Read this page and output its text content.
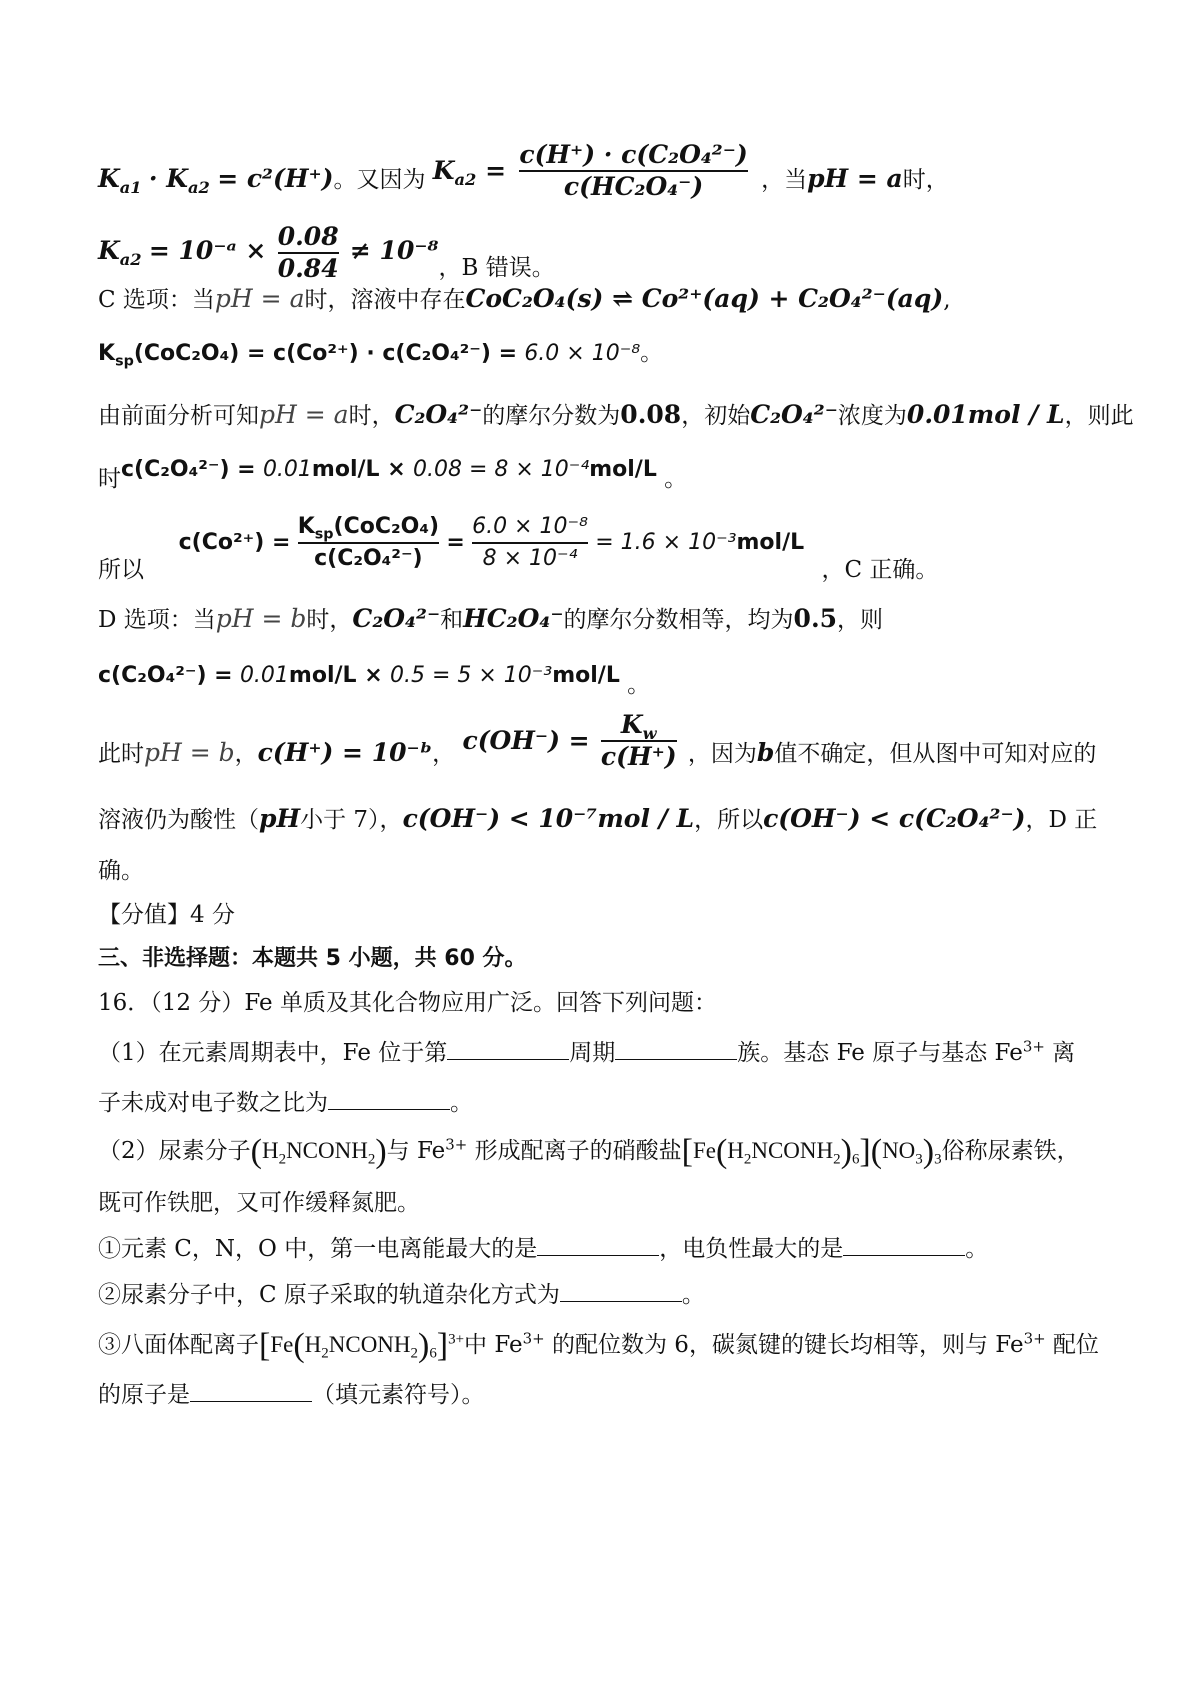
$K_{a1} \cdot K_{a2} = c^2(H^+)$。又因为 $K_{a2} = \frac{\text{c(H⁺) · c(C₂O₄²⁻)}}{\text{c(HC₂O₄⁻)}}$ ，当pH = a时，
$K_{a2}$ = 10⁻ᵃ × $\frac{0.08}{0.84} \ne 10^{-8}$，B 错误。
C 选项：当pH = a时，溶液中存在CoC₂O₄(s) ⇌ Co²⁺(aq) + C₂O₄²⁻(aq),
$K_{sp}(CoC_2O_4) = c(Co^{2+}) \cdot c(C_2O_4^{2-}) = 6.0 \times 10^{-8}$。
由前面分析可知pH = a时，C₂O₄²⁻的摩尔分数为0.08，初始C₂O₄²⁻浓度为0.01mol / L，则此
时c(C₂O₄²⁻) = 0.01mol/L × 0.08 = 8 × 10⁻⁴mol/L 。
所以  $c(Co^{2+}) = \frac{K_{sp}(CoC_2O_4)}{\text{c(C₂O₄²⁻)}} = \frac{\text{6.0 × 10⁻⁸}}{\text{8 × 10⁻⁴}} = 1.6 \times 10^{-3}mol/L$ ，C 正确。
D 选项：当pH = b时，C₂O₄²⁻和HC₂O₄⁻的摩尔分数相等，均为0.5，则
c(C₂O₄²⁻) = 0.01mol/L × 0.5 = 5 × 10⁻³mol/L 。
此时pH = b，c(H⁺) = 10⁻ᵇ， $c(OH^-) = \frac{K_w}{c(H^+)}$ ，因为b值不确定，但从图中可知对应的
溶液仍为酸性（pH小于 7），c(OH⁻) < 10⁻⁷mol / L，所以c(OH⁻) < c(C₂O₄²⁻)，D 正
确。
【分值】4 分
三、非选择题：本题共 5 小题，共 60 分。
16．（12 分）Fe 单质及其化合物应用广泛。回答下列问题：
（1）在元素周期表中，Fe 位于第	周期	族。基态 Fe 原子与基态 $Fe^{3+}$ 离
子未成对电子数之比为	。
（2）尿素分子$(H_2NCONH_2)$与 $Fe^{3+}$ 形成配离子的硝酸盐$[Fe(H_2NCONH_2)_6](NO_3)_3$俗称尿素铁，
既可作铁肥，又可作缓释氮肥。
①元素 C，N，O 中，第一电离能最大的是	，电负性最大的是	。
②尿素分子中，C 原子采取的轨道杂化方式为	。
③八面体配离子$[Fe(H_2NCONH_2)_6]^{3+}$中 $Fe^{3+}$ 的配位数为 6，碳氮键的键长均相等，则与 $Fe^{3+}$ 配位
的原子是	（填元素符号）。
